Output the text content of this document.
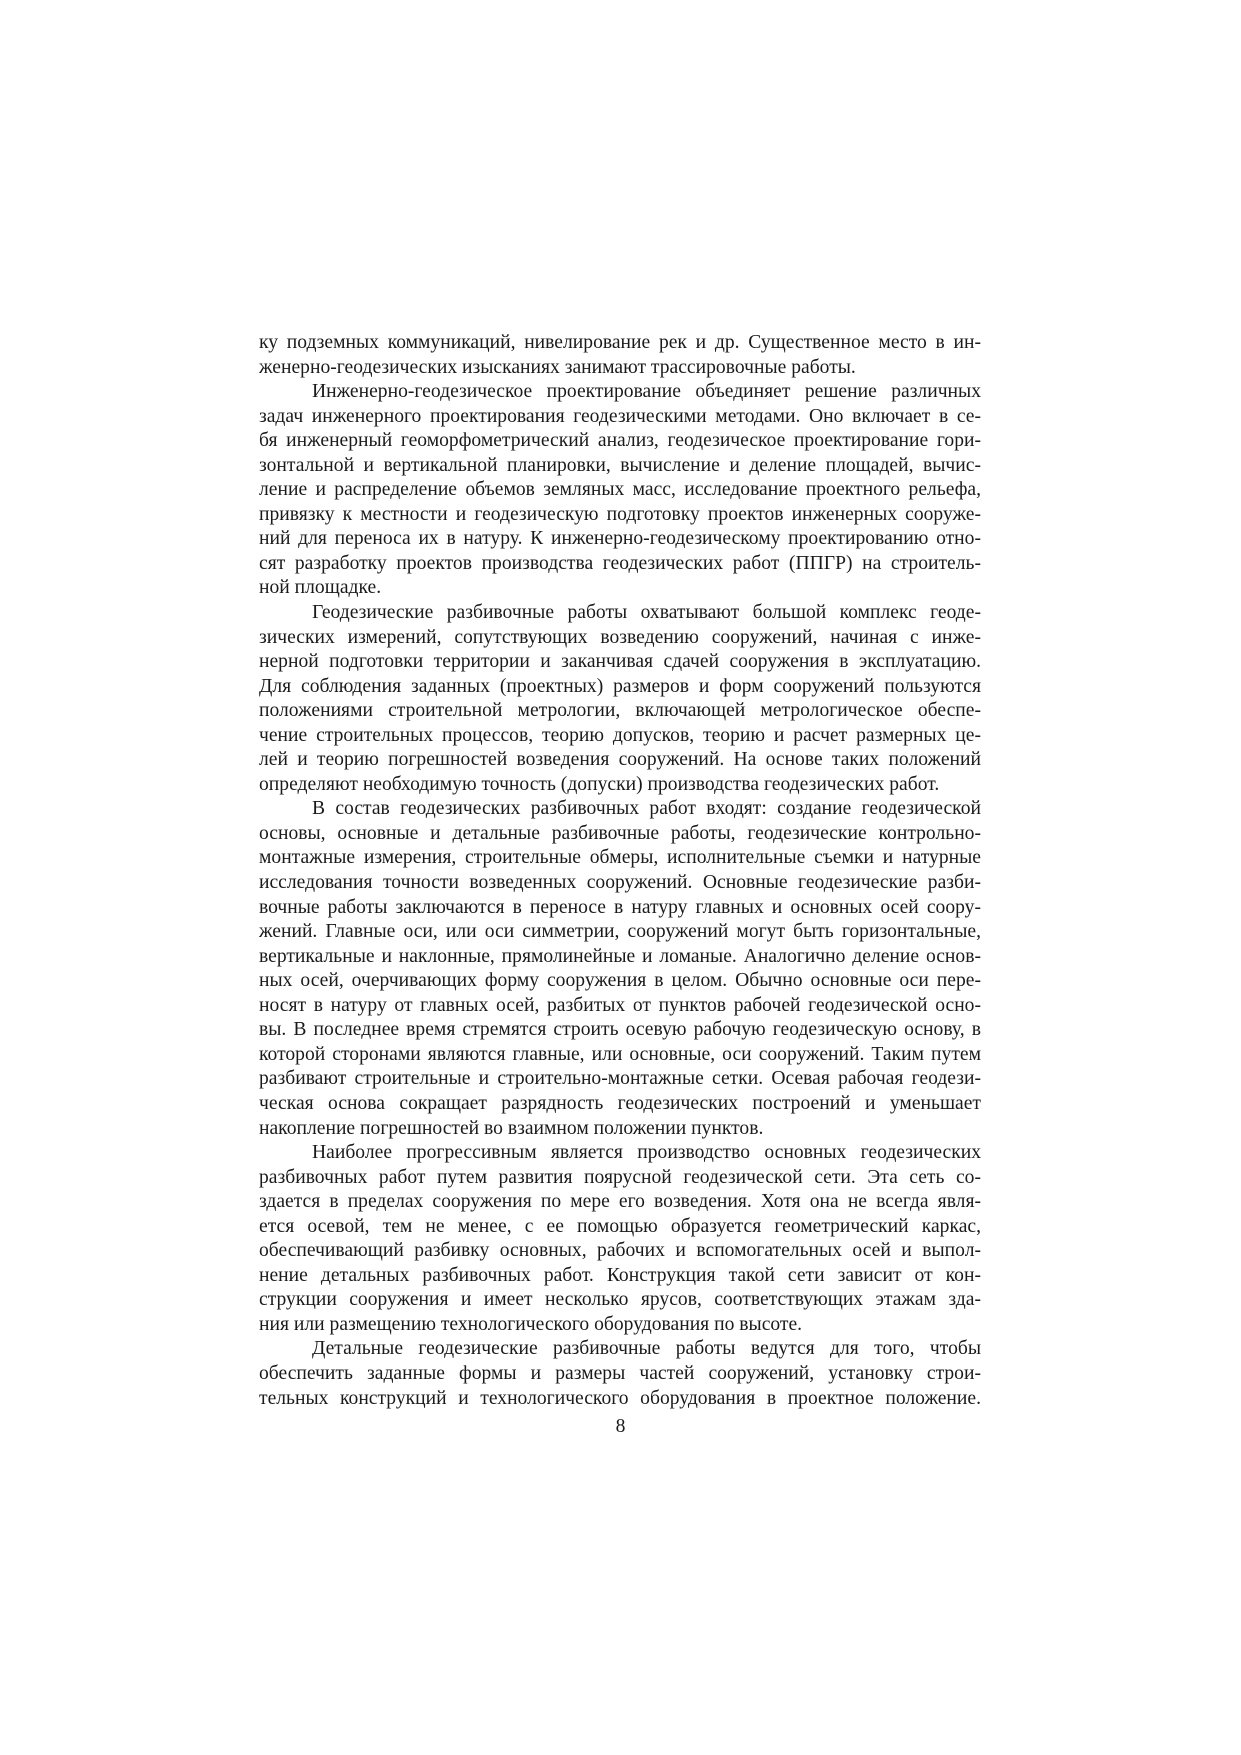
ку подземных коммуникаций, нивелирование рек и др. Существенное место в ин-
женерно-геодезических изысканиях занимают трассировочные работы.
Инженерно-геодезическое проектирование объединяет решение различных
задач инженерного проектирования геодезическими методами. Оно включает в се-
бя инженерный геоморфометрический анализ, геодезическое проектирование гори-
зонтальной и вертикальной планировки, вычисление и деление площадей, вычис-
ление и распределение объемов земляных масс, исследование проектного рельефа,
привязку к местности и геодезическую подготовку проектов инженерных сооруже-
ний для переноса их в натуру. К инженерно-геодезическому проектированию отно-
сят разработку проектов производства геодезических работ (ППГР) на строитель-
ной площадке.
Геодезические разбивочные работы охватывают большой комплекс геоде-
зических измерений, сопутствующих возведению сооружений, начиная с инже-
нерной подготовки территории и заканчивая сдачей сооружения в эксплуатацию.
Для соблюдения заданных (проектных) размеров и форм сооружений пользуются
положениями строительной метрологии, включающей метрологическое обеспе-
чение строительных процессов, теорию допусков, теорию и расчет размерных це-
лей и теорию погрешностей возведения сооружений. На основе таких положений
определяют необходимую точность (допуски) производства геодезических работ.
В состав геодезических разбивочных работ входят: создание геодезической
основы, основные и детальные разбивочные работы, геодезические контрольно-
монтажные измерения, строительные обмеры, исполнительные съемки и натурные
исследования точности возведенных сооружений. Основные геодезические разби-
вочные работы заключаются в переносе в натуру главных и основных осей соору-
жений. Главные оси, или оси симметрии, сооружений могут быть горизонтальные,
вертикальные и наклонные, прямолинейные и ломаные. Аналогично деление основ-
ных осей, очерчивающих форму сооружения в целом. Обычно основные оси пере-
носят в натуру от главных осей, разбитых от пунктов рабочей геодезической осно-
вы. В последнее время стремятся строить осевую рабочую геодезическую основу, в
которой сторонами являются главные, или основные, оси сооружений. Таким путем
разбивают строительные и строительно-монтажные сетки. Осевая рабочая геодези-
ческая основа сокращает разрядность геодезических построений и уменьшает
накопление погрешностей во взаимном положении пунктов.
Наиболее прогрессивным является производство основных геодезических
разбивочных работ путем развития поярусной геодезической сети. Эта сеть со-
здается в пределах сооружения по мере его возведения. Хотя она не всегда явля-
ется осевой, тем не менее, с ее помощью образуется геометрический каркас,
обеспечивающий разбивку основных, рабочих и вспомогательных осей и выпол-
нение детальных разбивочных работ. Конструкция такой сети зависит от кон-
струкции сооружения и имеет несколько ярусов, соответствующих этажам зда-
ния или размещению технологического оборудования по высоте.
Детальные геодезические разбивочные работы ведутся для того, чтобы
обеспечить заданные формы и размеры частей сооружений, установку строи-
тельных конструкций и технологического оборудования в проектное положение.
8
